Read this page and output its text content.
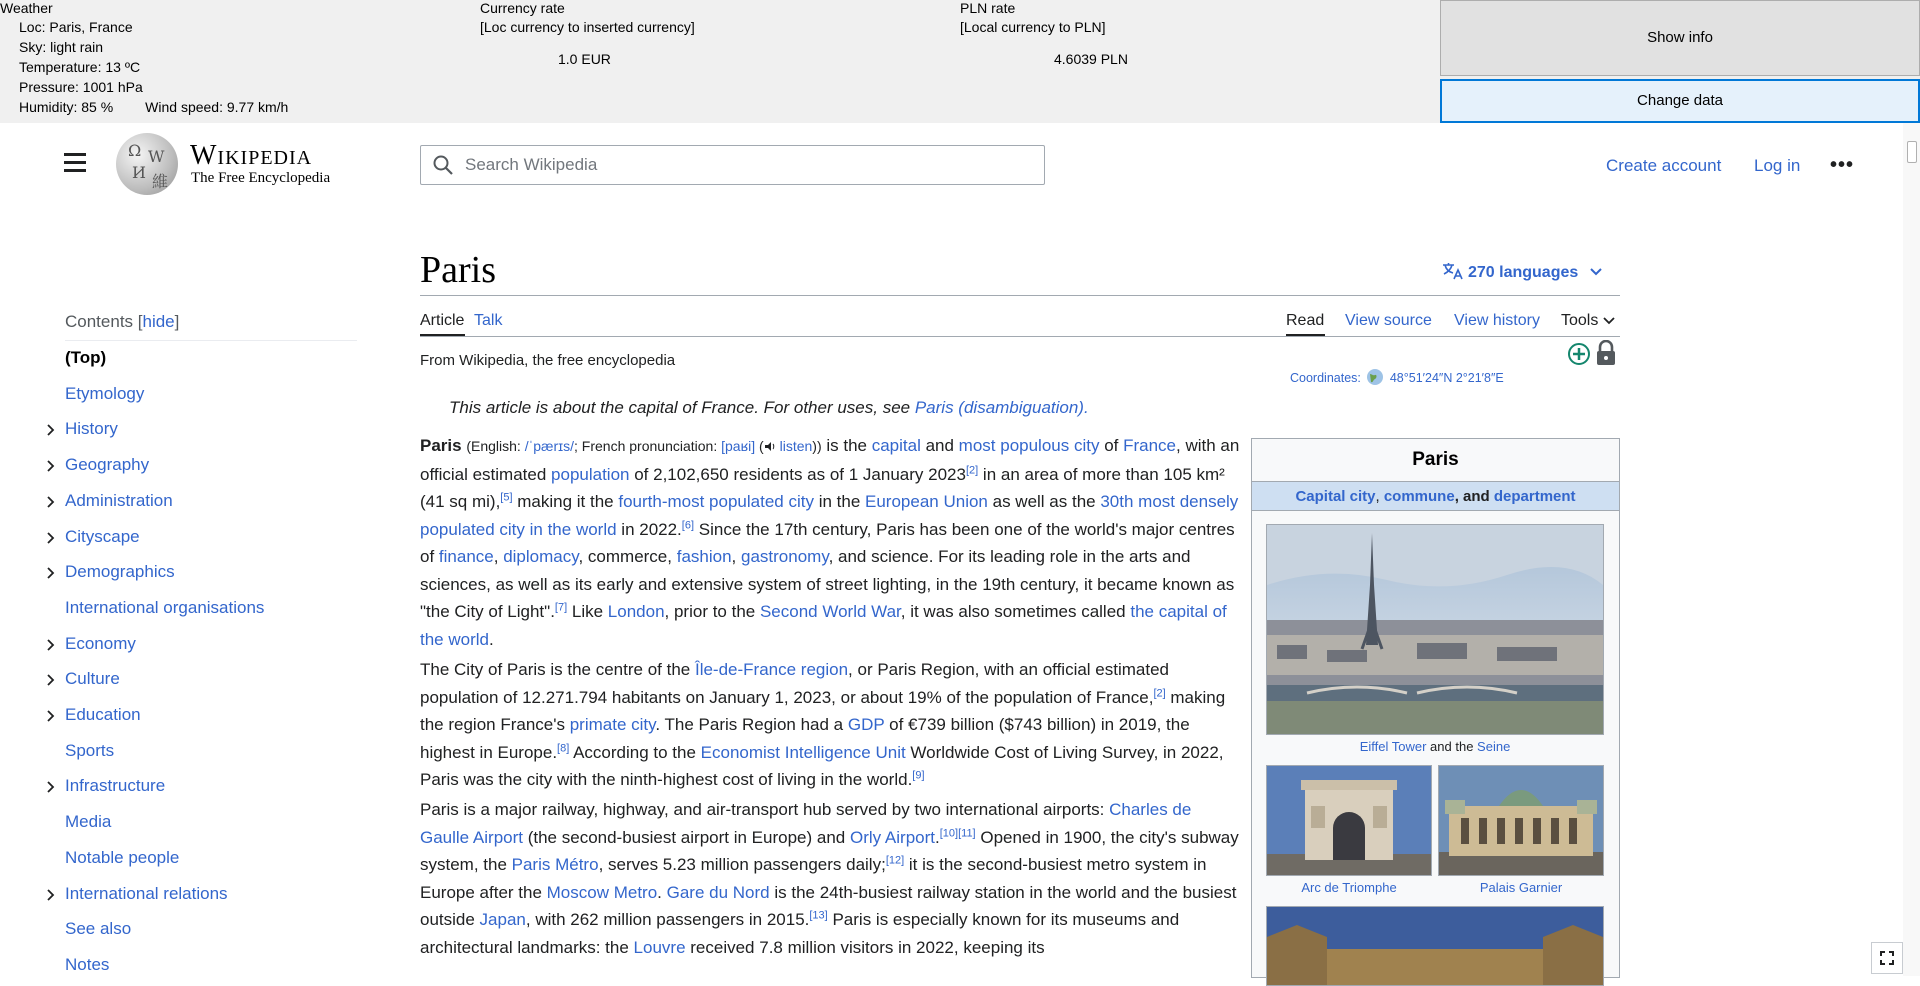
Weather
Loc: Paris, France
Sky: light rain
Temperature: 13 ºC
Pressure: 1001 hPa
Humidity: 85 % Wind speed: 9.77 km/h
Currency rate
[Loc currency to inserted currency]
1.0 EUR
PLN rate
[Local currency to PLN]
4.6039 PLN
Show info
Change data
Ω W
И 維
Wikipedia
The Free Encyclopedia
Search Wikipedia
Create account Log in •••
Contents [hide]
(Top)
Etymology
History
Geography
Administration
Cityscape
Demographics
International organisations
Economy
Culture
Education
Sports
Infrastructure
Media
Notable people
International relations
See also
Notes
Paris	270 languages
Article Talk	Read View source View history Tools
From Wikipedia, the free encyclopedia
Coordinates: 48°51′24″N 2°21′8″E
This article is about the capital of France. For other uses, see Paris (disambiguation).

Paris (English: /ˈpærɪs/; French pronunciation: [paʁi] ( listen)) is the capital and most populous city of France, with an official estimated population of 2,102,650 residents as of 1 January 2023[2] in an area of more than 105 km² (41 sq mi),[5] making it the fourth-most populated city in the European Union as well as the 30th most densely populated city in the world in 2022.[6] Since the 17th century, Paris has been one of the world's major centres of finance, diplomacy, commerce, fashion, gastronomy, and science. For its leading role in the arts and sciences, as well as its early and extensive system of street lighting, in the 19th century, it became known as "the City of Light".[7] Like London, prior to the Second World War, it was also sometimes called the capital of the world.

The City of Paris is the centre of the Île-de-France region, or Paris Region, with an official estimated population of 12.271.794 habitants on January 1, 2023, or about 19% of the population of France,[2] making the region France's primate city. The Paris Region had a GDP of €739 billion ($743 billion) in 2019, the highest in Europe.[8] According to the Economist Intelligence Unit Worldwide Cost of Living Survey, in 2022, Paris was the city with the ninth-highest cost of living in the world.[9]

Paris is a major railway, highway, and air-transport hub served by two international airports: Charles de Gaulle Airport (the second-busiest airport in Europe) and Orly Airport.[10][11] Opened in 1900, the city's subway system, the Paris Métro, serves 5.23 million passengers daily;[12] it is the second-busiest metro system in Europe after the Moscow Metro. Gare du Nord is the 24th-busiest railway station in the world and the busiest outside Japan, with 262 million passengers in 2015.[13] Paris is especially known for its museums and architectural landmarks: the Louvre received 7.8 million visitors in 2022, keeping its

Paris
Capital city, commune, and department
Eiffel Tower and the Seine
Arc de Triomphe	Palais Garnier
